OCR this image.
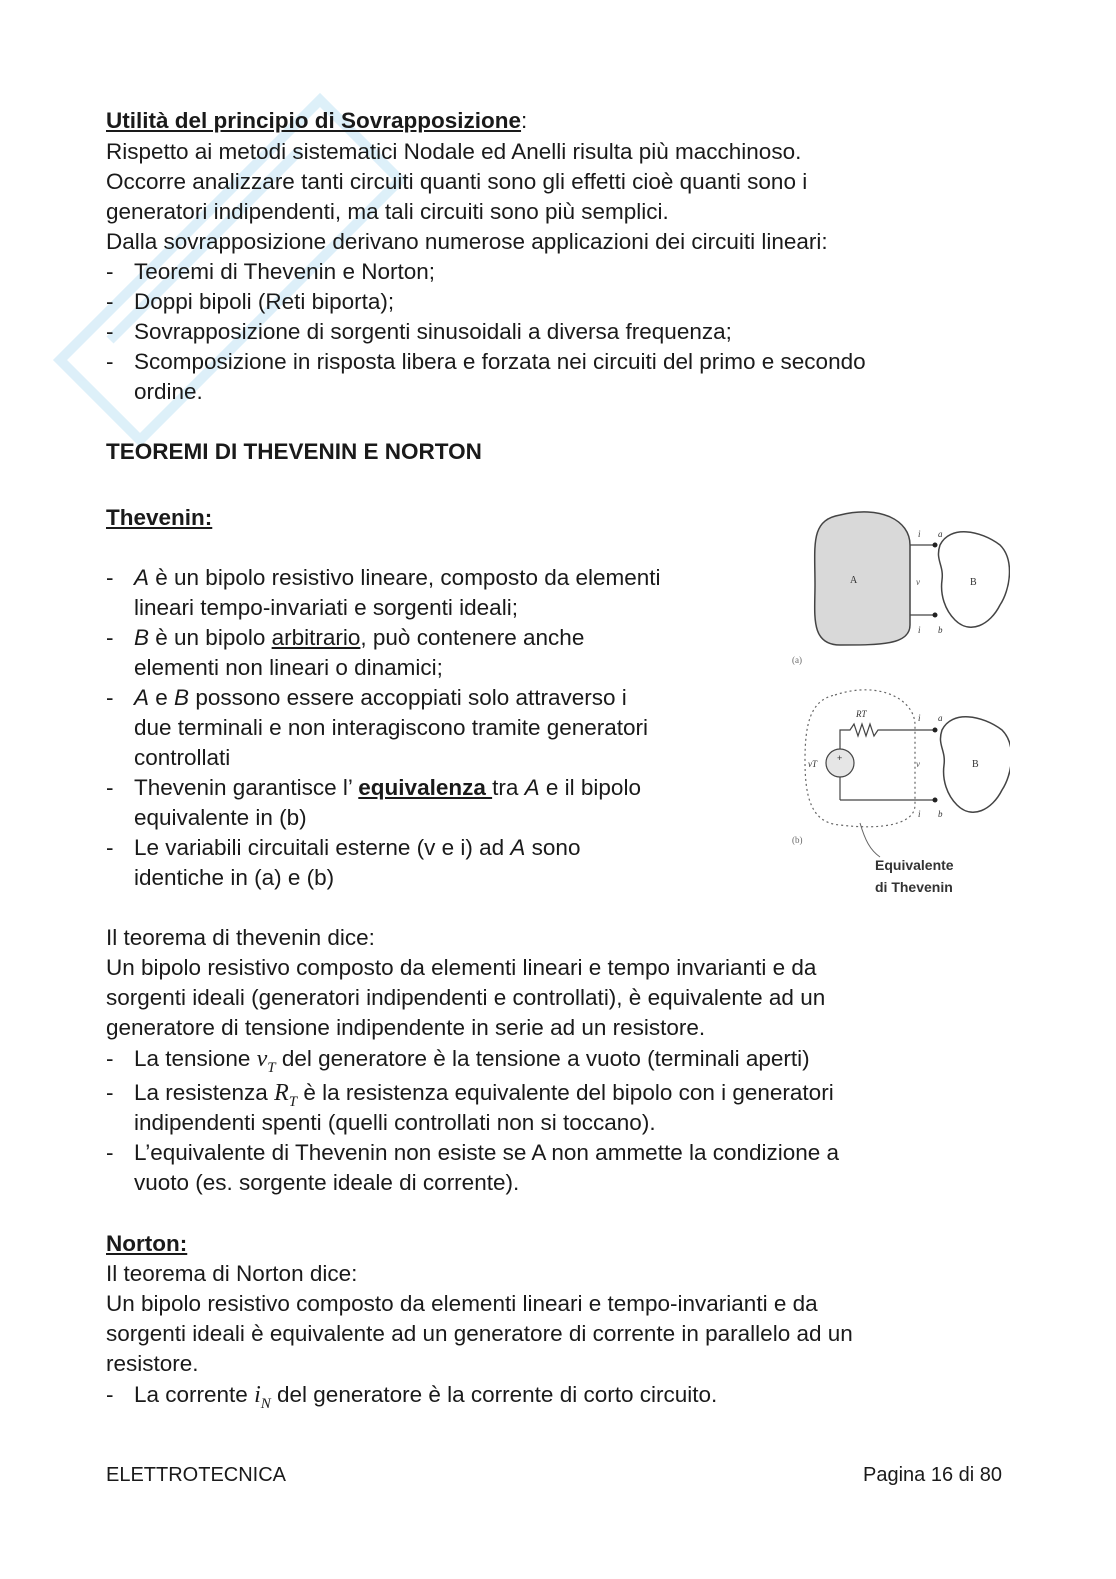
Utilità del principio di Sovrapposizione:
Rispetto ai metodi sistematici Nodale ed Anelli risulta più macchinoso.
Occorre analizzare tanti circuiti quanti sono gli effetti cioè quanti sono i
generatori indipendenti, ma tali circuiti sono più semplici.
Dalla sovrapposizione derivano numerose applicazioni dei circuiti lineari:
- Teoremi di Thevenin e Norton;
- Doppi bipoli (Reti biporta);
- Sovrapposizione di sorgenti sinusoidali a diversa frequenza;
- Scomposizione in risposta libera e forzata nei circuiti del primo e secondo
ordine.
TEOREMI DI THEVENIN E NORTON
Thevenin:
- A è un bipolo resistivo lineare, composto da elementi
lineari tempo-invariati e sorgenti ideali;
- B è un bipolo arbitrario, può contenere anche
elementi non lineari o dinamici;
- A e B possono essere accoppiati solo attraverso i
due terminali e non interagiscono tramite generatori
controllati
- Thevenin garantisce l’ equivalenza tra A e il bipolo
equivalente in (b)
- Le variabili circuitali esterne (v e i) ad A sono
identiche in (a) e (b)
Il teorema di thevenin dice:
Un bipolo resistivo composto da elementi lineari e tempo invarianti e da
sorgenti ideali (generatori indipendenti e controllati), è equivalente ad un
generatore di tensione indipendente in serie ad un resistore.
- La tensione $v_T$ del generatore è la tensione a vuoto (terminali aperti)
- La resistenza $R_T$ è la resistenza equivalente del bipolo con i generatori
indipendenti spenti (quelli controllati non si toccano).
- L’equivalente di Thevenin non esiste se A non ammette la condizione a
vuoto (es. sorgente ideale di corrente).
Norton:
Il teorema di Norton dice:
Un bipolo resistivo composto da elementi lineari e tempo-invarianti e da
sorgenti ideali è equivalente ad un generatore di corrente in parallelo ad un
resistore.
- La corrente $i_N$ del generatore è la corrente di corto circuito.
A
i a
v
b
i
B
(a)
+
vT
RT	i a
v
i b
B
(b)
Equivalente
di Thevenin
ELETTROTECNICA	Pagina 16 di 80
